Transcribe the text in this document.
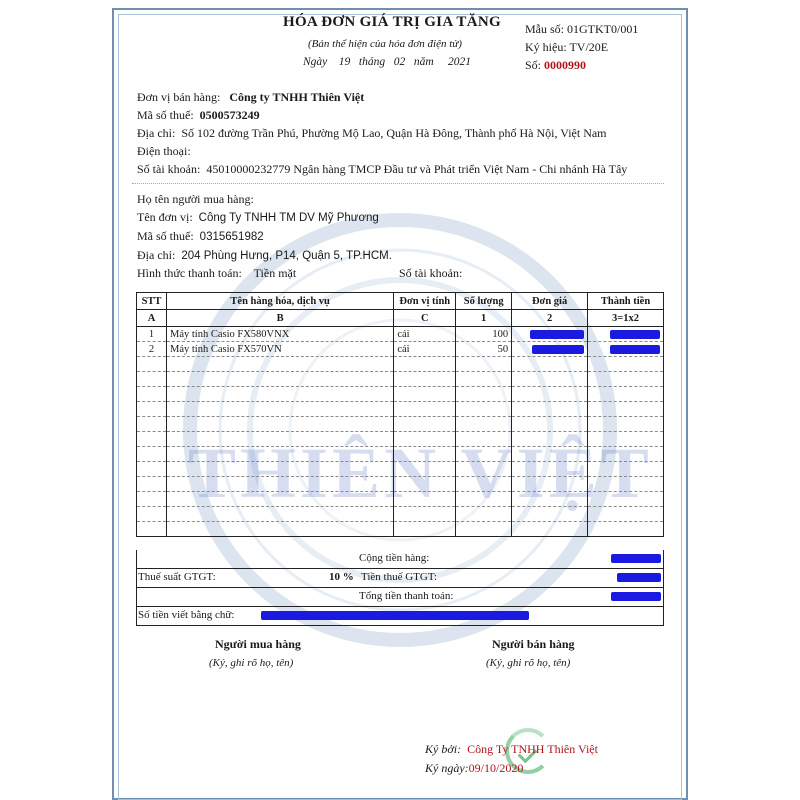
THIÊN VIỆT
HÓA ĐƠN GIÁ TRỊ GIA TĂNG
(Bản thể hiện của hóa đơn điện tử)
Ngày 19 tháng 02 năm 2021
Mẫu số: 01GTKT0/001
Ký hiệu: TV/20E
Số: 0000990
Đơn vị bán hàng: Công ty TNHH Thiên Việt
Mã số thuế: 0500573249
Địa chỉ: Số 102 đường Trần Phú, Phường Mộ Lao, Quận Hà Đông, Thành phố Hà Nội, Việt Nam
Điện thoại:
Số tài khoản: 45010000232779 Ngân hàng TMCP Đầu tư và Phát triển Việt Nam - Chi nhánh Hà Tây
Họ tên người mua hàng:
Tên đơn vị: Công Ty TNHH TM DV Mỹ Phương
Mã số thuế: 0315651982
Địa chỉ: 204 Phùng Hưng, P14, Quận 5, TP.HCM.
Hình thức thanh toán: Tiền mặt	Số tài khoản:
STT	Tên hàng hóa, dịch vụ	Đơn vị tính	Số lượng	Đơn giá	Thành tiền
A	B	C	1	2	3=1x2
1	Máy tính Casio FX580VNX	cái	100		
2	Máy tính Casio FX570VN	cái	50		

Cộng tiền hàng:
Thuế suất GTGT:	10 % Tiền thuế GTGT:
Tổng tiền thanh toán:
Số tiền viết bằng chữ:
Người mua hàng
(Ký, ghi rõ họ, tên)
Người bán hàng
(Ký, ghi rõ họ, tên)
Ký bởi: Công Ty TNHH Thiên Việt
Ký ngày:09/10/2020
